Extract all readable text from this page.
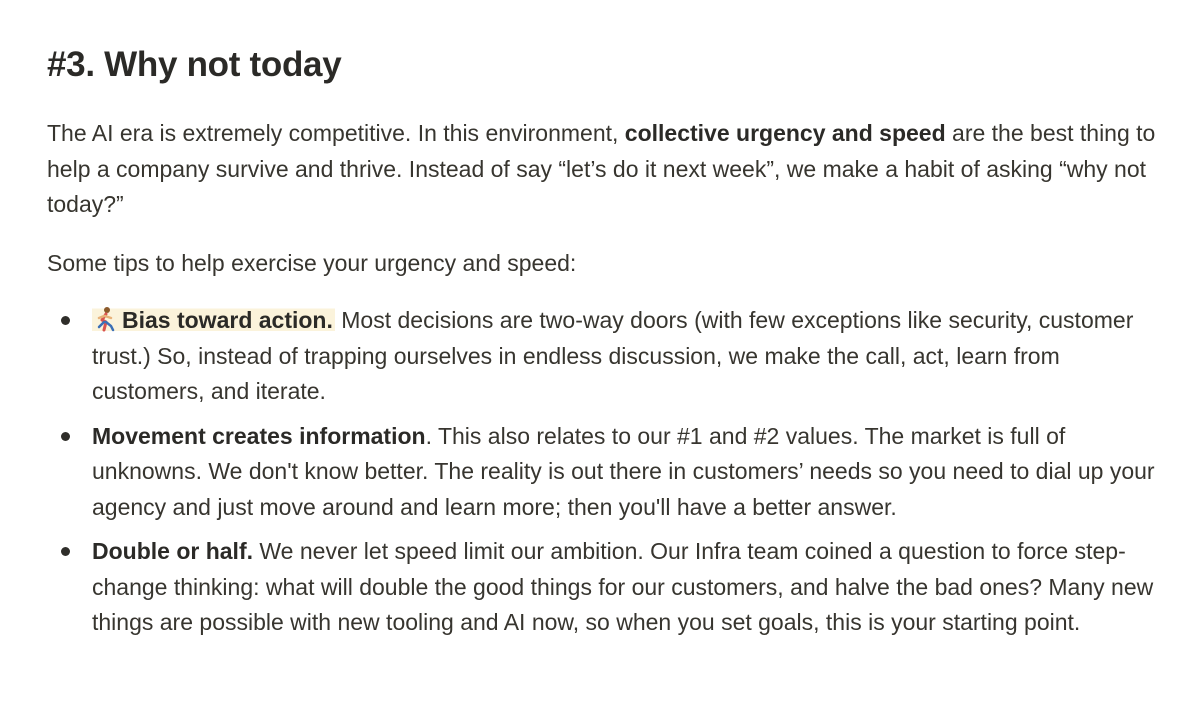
#3. Why not today

The AI era is extremely competitive. In this environment, collective urgency and speed are the best thing to help a company survive and thrive. Instead of say “let’s do it next week”, we make a habit of asking “why not today?”

Some tips to help exercise your urgency and speed:

Bias toward action. Most decisions are two-way doors (with few exceptions like security, customer trust.) So, instead of trapping ourselves in endless discussion, we make the call, act, learn from customers, and iterate.
Movement creates information. This also relates to our #1 and #2 values. The market is full of unknowns. We don't know better. The reality is out there in customers’ needs so you need to dial up your agency and just move around and learn more; then you'll have a better answer.
Double or half. We never let speed limit our ambition. Our Infra team coined a question to force step-change thinking: what will double the good things for our customers, and halve the bad ones? Many new things are possible with new tooling and AI now, so when you set goals, this is your starting point.
